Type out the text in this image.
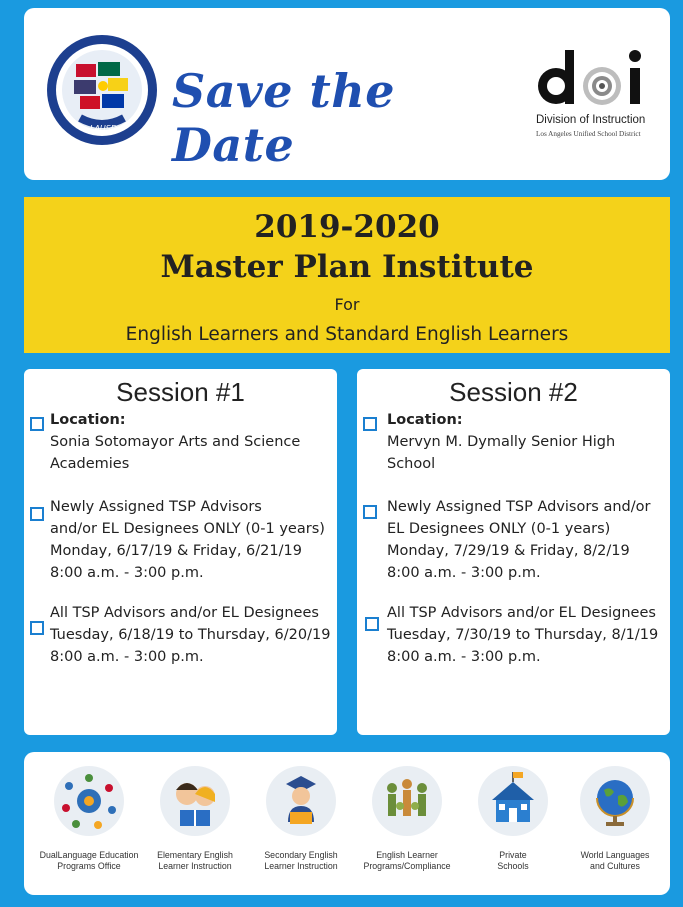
LAUSD
Save the Date	Division of Instruction
Los Angeles Unified School District
2019-2020
Master Plan Institute
For
English Learners and Standard English Learners
Session #1
Location:
Sonia Sotomayor Arts and Science
Academies
Newly Assigned TSP Advisors
and/or EL Designees ONLY (0-1 years)
Monday, 6/17/19 & Friday, 6/21/19
8:00 a.m. - 3:00 p.m.
All TSP Advisors and/or EL Designees
Tuesday, 6/18/19 to Thursday, 6/20/19
8:00 a.m. - 3:00 p.m.
Session #2
Location:
Mervyn M. Dymally Senior High
School
Newly Assigned TSP Advisors and/or
EL Designees ONLY (0-1 years)
Monday, 7/29/19 & Friday, 8/2/19
8:00 a.m. - 3:00 p.m.
All TSP Advisors and/or EL Designees
Tuesday, 7/30/19 to Thursday, 8/1/19
8:00 a.m. - 3:00 p.m.
DualLanguage Education
Programs Office
Elementary English
Learner Instruction
Secondary English
Learner Instruction
English Learner
Programs/Compliance
Private
Schools
World Languages
and Cultures
